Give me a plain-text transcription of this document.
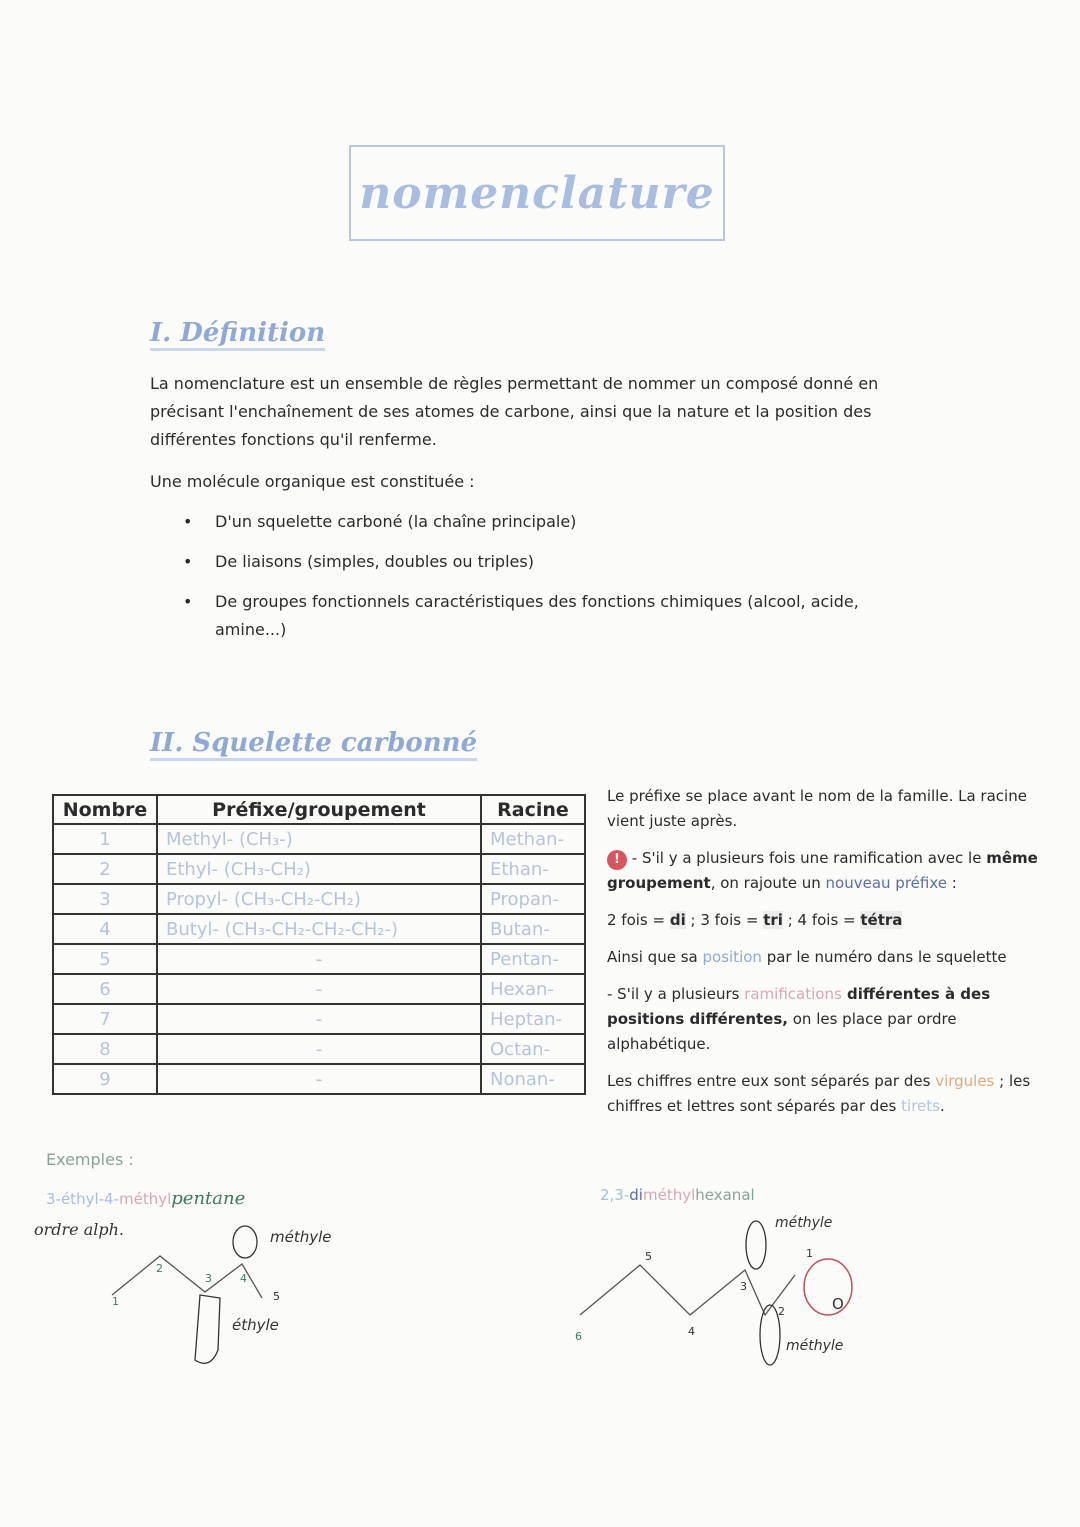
nomenclature
I. Définition
La nomenclature est un ensemble de règles permettant de nommer un composé donné en précisant l'enchaînement de ses atomes de carbone, ainsi que la nature et la position des différentes fonctions qu'il renferme.
Une molécule organique est constituée :
• D'un squelette carboné (la chaîne principale)
• De liaisons (simples, doubles ou triples)
• De groupes fonctionnels caractéristiques des fonctions chimiques (alcool, acide, amine...)
II. Squelette carbonné
Nombre	Préfixe/groupement	Racine
1	Methyl- (CH₃-)	Methan-
2	Ethyl- (CH₃-CH₂)	Ethan-
3	Propyl- (CH₃-CH₂-CH₂)	Propan-
4	Butyl- (CH₃-CH₂-CH₂-CH₂-)	Butan-
5	-	Pentan-
6	-	Hexan-
7	-	Heptan-
8	-	Octan-
9	-	Nonan-

Le préfixe se place avant le nom de la famille. La racine vient juste après.

! - S'il y a plusieurs fois une ramification avec le même groupement, on rajoute un nouveau préfixe :

2 fois = di ; 3 fois = tri ; 4 fois = tétra

Ainsi que sa position par le numéro dans le squelette

- S'il y a plusieurs ramifications différentes à des positions différentes, on les place par ordre alphabétique.

Les chiffres entre eux sont séparés par des virgules ; les chiffres et lettres sont séparés par des tirets.

Exemples :
3-éthyl-4-méthylpentane
ordre alph.
1
2
3	4
5
méthyle
éthyle
2,3-diméthylhexanal
O
6
5
4
3
2
1
méthyle
méthyle
